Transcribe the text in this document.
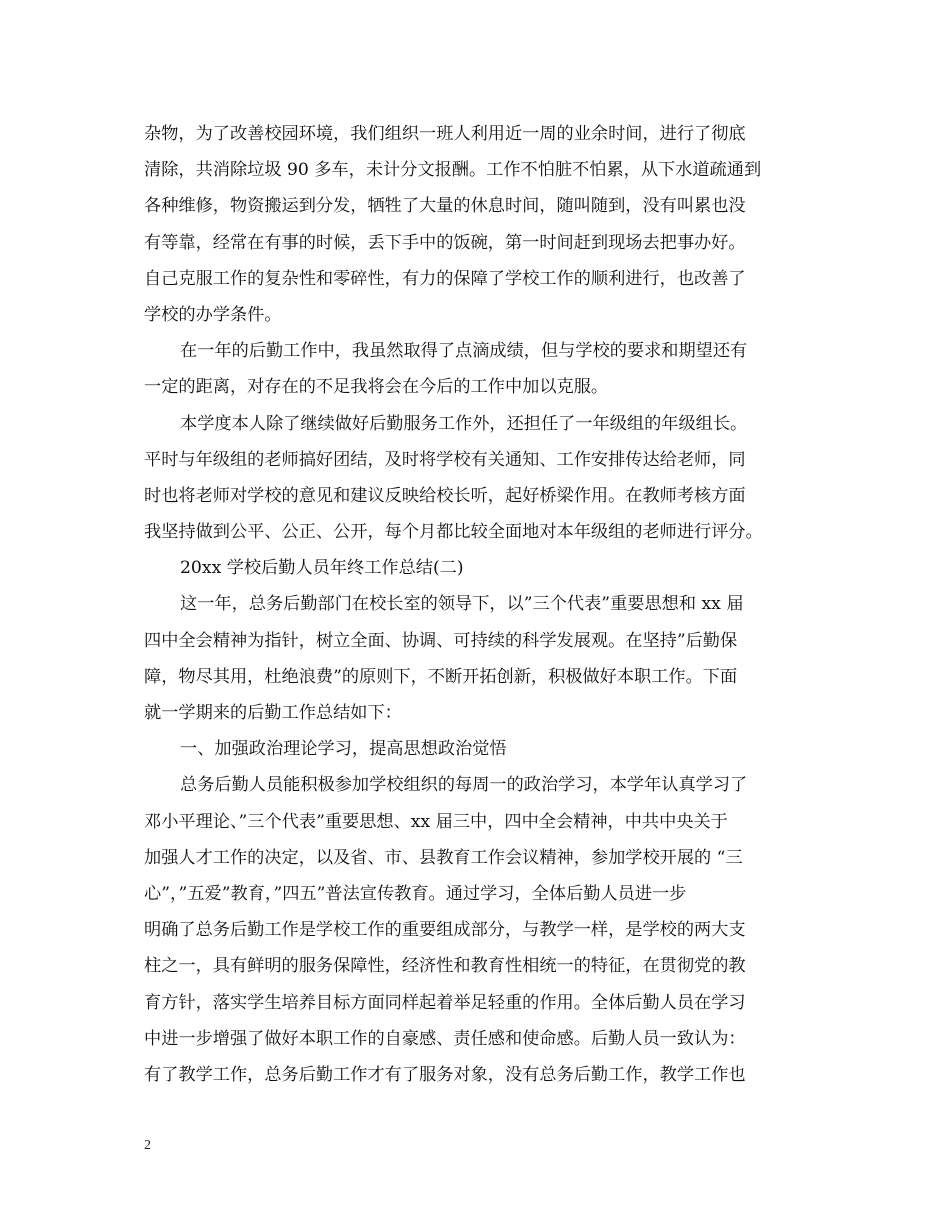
杂物，为了改善校园环境，我们组织一班人利用近一周的业余时间，进行了彻底
清除，共消除垃圾 90 多车，未计分文报酬。工作不怕脏不怕累，从下水道疏通到
各种维修，物资搬运到分发，牺牲了大量的休息时间，随叫随到，没有叫累也没
有等靠，经常在有事的时候，丢下手中的饭碗，第一时间赶到现场去把事办好。
自己克服工作的复杂性和零碎性，有力的保障了学校工作的顺利进行，也改善了
学校的办学条件。
在一年的后勤工作中，我虽然取得了点滴成绩，但与学校的要求和期望还有
一定的距离，对存在的不足我将会在今后的工作中加以克服。
本学度本人除了继续做好后勤服务工作外，还担任了一年级组的年级组长。
平时与年级组的老师搞好团结，及时将学校有关通知、工作安排传达给老师，同
时也将老师对学校的意见和建议反映给校长听，起好桥梁作用。在教师考核方面
我坚持做到公平、公正、公开，每个月都比较全面地对本年级组的老师进行评分。
20xx 学校后勤人员年终工作总结(二)
这一年，总务后勤部门在校长室的领导下，以”三个代表”重要思想和 xx 届
四中全会精神为指针，树立全面、协调、可持续的科学发展观。在坚持”后勤保
障，物尽其用，杜绝浪费”的原则下，不断开拓创新，积极做好本职工作。下面
就一学期来的后勤工作总结如下：
一、加强政治理论学习，提高思想政治觉悟
总务后勤人员能积极参加学校组织的每周一的政治学习，本学年认真学习了
邓小平理论、”三个代表”重要思想、xx 届三中，四中全会精神，中共中央关于
加强人才工作的决定，以及省、市、县教育工作会议精神，参加学校开展的 “三
心”，”五爱”教育，”四五”普法宣传教育。通过学习，全体后勤人员进一步
明确了总务后勤工作是学校工作的重要组成部分，与教学一样，是学校的两大支
柱之一，具有鲜明的服务保障性，经济性和教育性相统一的特征，在贯彻党的教
育方针，落实学生培养目标方面同样起着举足轻重的作用。全体后勤人员在学习
中进一步增强了做好本职工作的自豪感、责任感和使命感。后勤人员一致认为：
有了教学工作，总务后勤工作才有了服务对象，没有总务后勤工作，教学工作也
2
